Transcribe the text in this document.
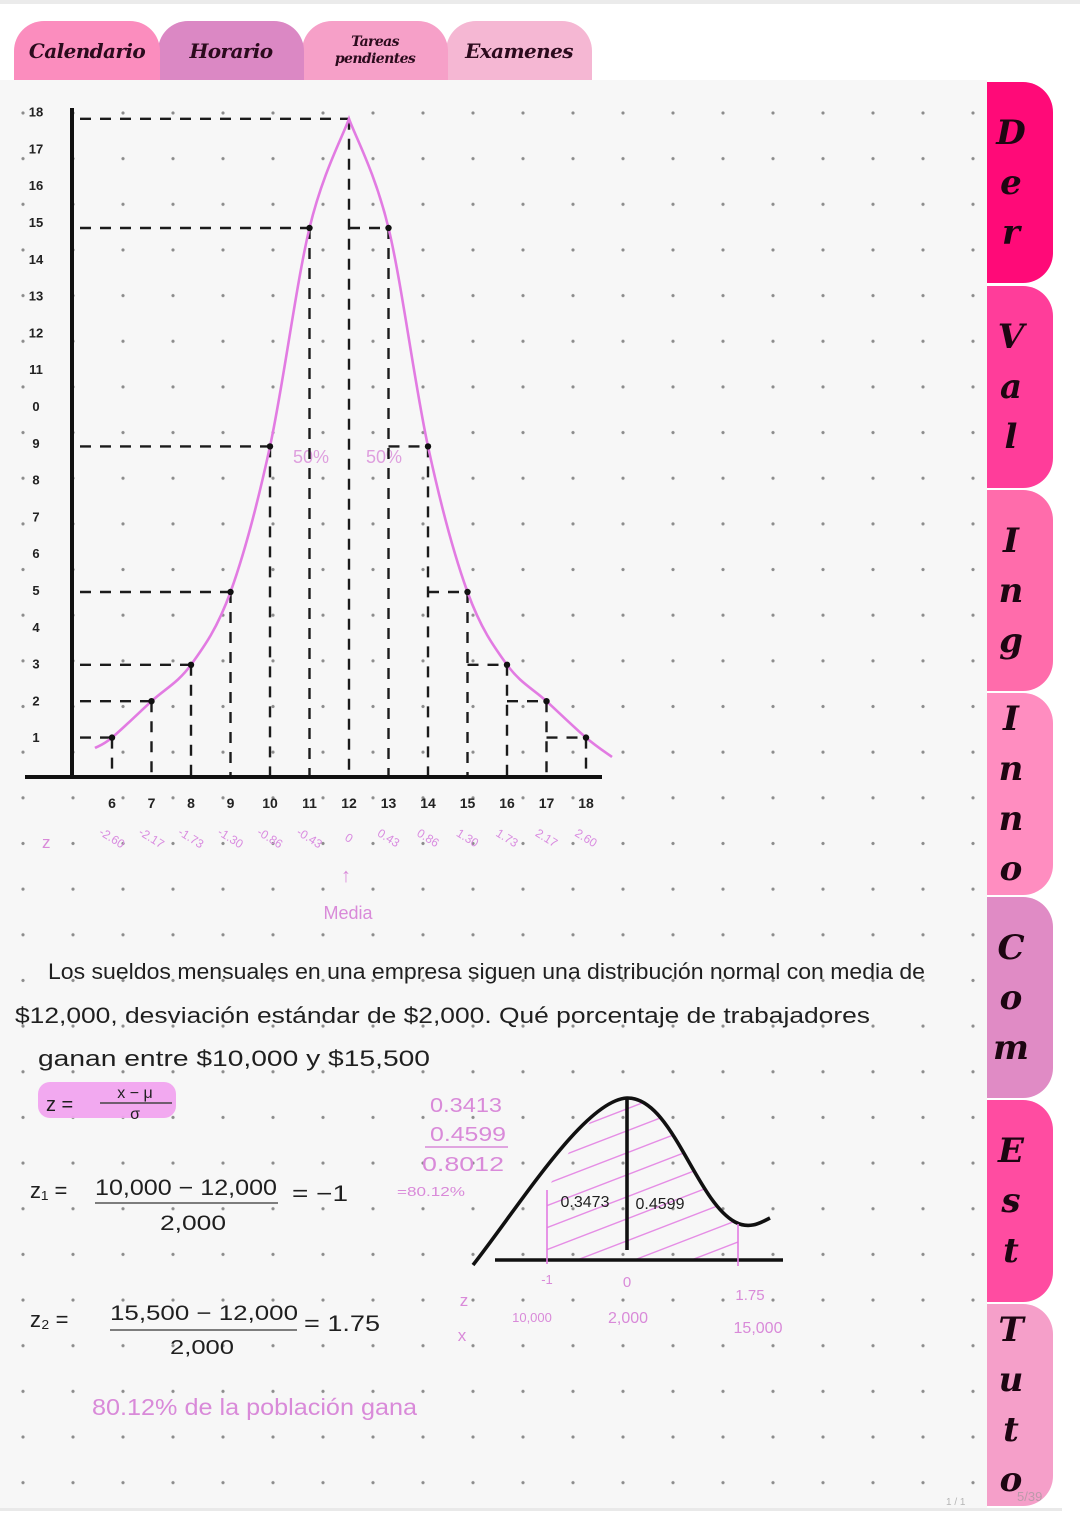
Calendario Horario	Tareas
pendientes Examenes
D
e
r
V
a
l
I
n
g
I
n
n
o
C
o
m
E
s
t
T
u
t
o
z
50% 50%
↑
Media
18
17
16
15
14
13
12
11
0
9
8
7
6
5
4
3
2
1
6 7 8 9 10 11 12 13 14 15 16 17 18
-2.60 -2.17 -1.73 -1.30 -0.86 -0.43 0 0.43 0.86 1.30 1.73 2.17 2.60
Los sueldos mensuales en una empresa siguen una distribución normal con media de
$12,000, desviación estándar de $2,000. Qué porcentaje de trabajadores
ganan entre $10,000 y $15,500
z =
x − μ
σ
z₁ = 10,000 − 12,000
2,000
= −1
z₂ = 15,500 − 12,000
2,000
= 1.75
0.3413
0.4599
0.8012
=80.12%
0.3473 0.4599
-1	0
1.75
z
x
10,000	2,000
15,000
80.12% de la población gana
1 / 1	5/39
